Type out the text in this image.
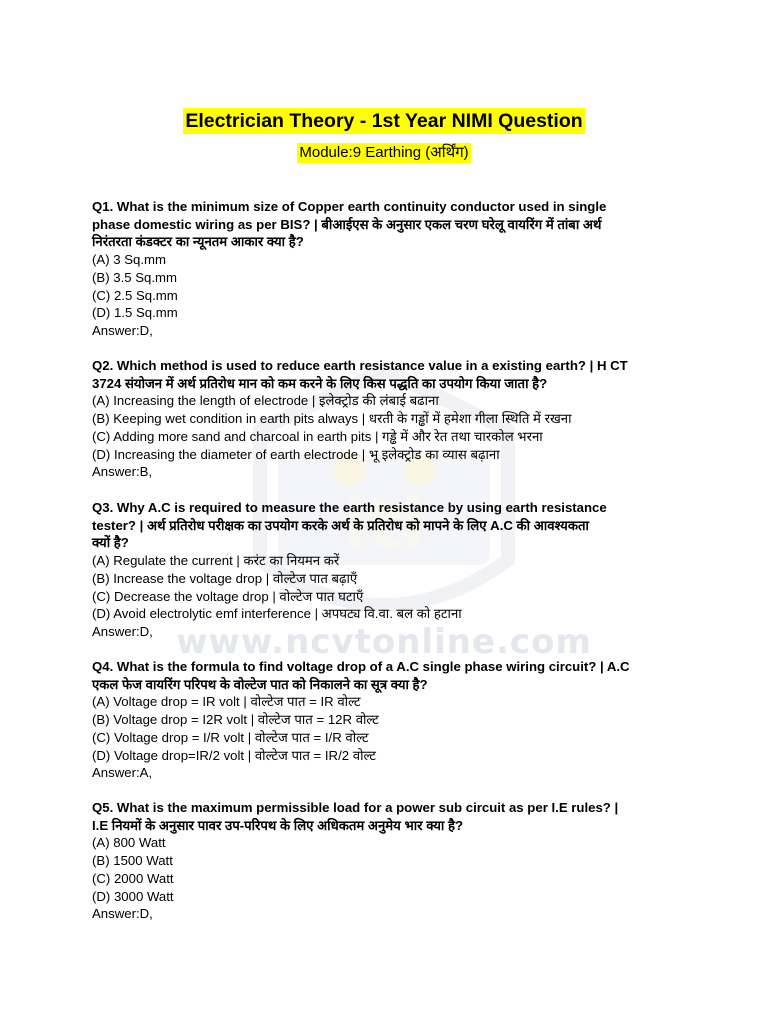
iti
www.ncvtonline.com
Electrician Theory - 1st Year NIMI Question
Module:9 Earthing (अर्थिंग)
Q1. What is the minimum size of Copper earth continuity conductor used in single
phase domestic wiring as per BIS? | बीआईएस के अनुसार एकल चरण घरेलू वायरिंग में तांबा अर्थ
निरंतरता कंडक्टर का न्यूनतम आकार क्या है?
(A) 3 Sq.mm
(B) 3.5 Sq.mm
(C) 2.5 Sq.mm
(D) 1.5 Sq.mm
Answer:D,
Q2. Which method is used to reduce earth resistance value in a existing earth? | H CT
3724 संयोजन में अर्थ प्रतिरोध मान को कम करने के लिए किस पद्धति का उपयोग किया जाता है?
(A) Increasing the length of electrode | इलेक्ट्रोड की लंबाई बढाना
(B) Keeping wet condition in earth pits always | धरती के गड्ढों में हमेशा गीला स्थिति में रखना
(C) Adding more sand and charcoal in earth pits | गड्ढे में और रेत तथा चारकोल भरना
(D) Increasing the diameter of earth electrode | भू इलेक्ट्रोड का व्यास बढ़ाना
Answer:B,
Q3. Why A.C is required to measure the earth resistance by using earth resistance
tester? | अर्थ प्रतिरोध परीक्षक का उपयोग करके अर्थ के प्रतिरोध को मापने के लिए A.C की आवश्यकता
क्यों है?
(A) Regulate the current | करंट का नियमन करें
(B) Increase the voltage drop | वोल्टेज पात बढ़ाएँ
(C) Decrease the voltage drop | वोल्टेज पात घटाएँ
(D) Avoid electrolytic emf interference | अपघट्य वि.वा. बल को हटाना
Answer:D,
Q4. What is the formula to find voltage drop of a A.C single phase wiring circuit? | A.C
एकल फेज वायरिंग परिपथ के वोल्टेज पात को निकालने का सूत्र क्या है?
(A) Voltage drop = IR volt | वोल्टेज पात = IR वोल्ट
(B) Voltage drop = I2R volt | वोल्टेज पात = 12R वोल्ट
(C) Voltage drop = I/R volt | वोल्टेज पात = I/R वोल्ट
(D) Voltage drop=IR/2 volt | वोल्टेज पात = IR/2 वोल्ट
Answer:A,
Q5. What is the maximum permissible load for a power sub circuit as per I.E rules? |
I.E नियमों के अनुसार पावर उप-परिपथ के लिए अधिकतम अनुमेय भार क्या है?
(A) 800 Watt
(B) 1500 Watt
(C) 2000 Watt
(D) 3000 Watt
Answer:D,
